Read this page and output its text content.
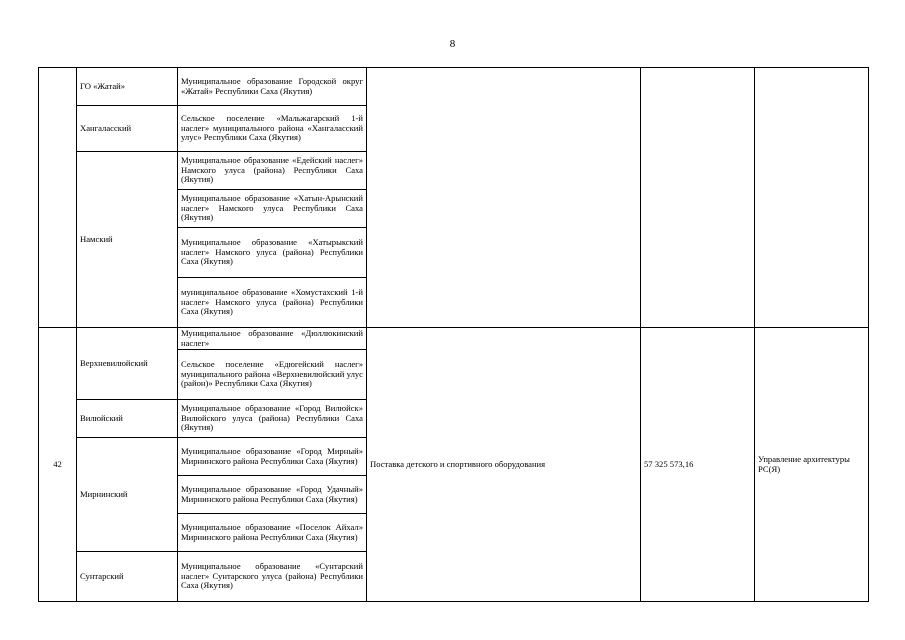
8
	ГО «Жатай»	Муниципальное образование Городской округ «Жатай» Республики Саха (Якутия)			
	Хангаласский	Сельское поселение «Мальжагарский 1-й наслег» муниципального района «Хангаласский улус» Республики Саха (Якутия)			
	Намский	Муниципальное образование «Едейский наслег» Намского улуса (района) Республики Саха (Якутия)			
		Муниципальное образование «Хатын-Арынский наслег» Намского улуса Республики Саха (Якутия)			
		Муниципальное образование «Хатырыкский наслег» Намского улуса (района) Республики Саха (Якутия)			
		муниципальное образование «Хомустахский 1-й наслег» Намского улуса (района) Республики Саха (Якутия)			
42	Верхневилюйский	Муниципальное образование «Дюллюкинский наслег»	Поставка детского и спортивного оборудования	57 325 573,16	Управление архитектуры РС(Я)
		Сельское поселение «Едюгейский наслег» муниципального района «Верхневилюйский улус (район)» Республики Саха (Якутия)			
	Вилюйский	Муниципальное образование «Город Вилюйск» Вилюйского улуса (района) Республики Саха (Якутия)			
	Мирнинский	Муниципальное образование «Город Мирный» Мирнинского района Республики Саха (Якутия)			
		Муниципальное образование «Город Удачный» Мирнинского района Республики Саха (Якутия)			
		Муниципальное образование «Поселок Айхал» Мирнинского района Республики Саха (Якутия)			
	Сунтарский	Муниципальное образование «Сунтарский наслег» Сунтарского улуса (района) Республики Саха (Якутия)			
